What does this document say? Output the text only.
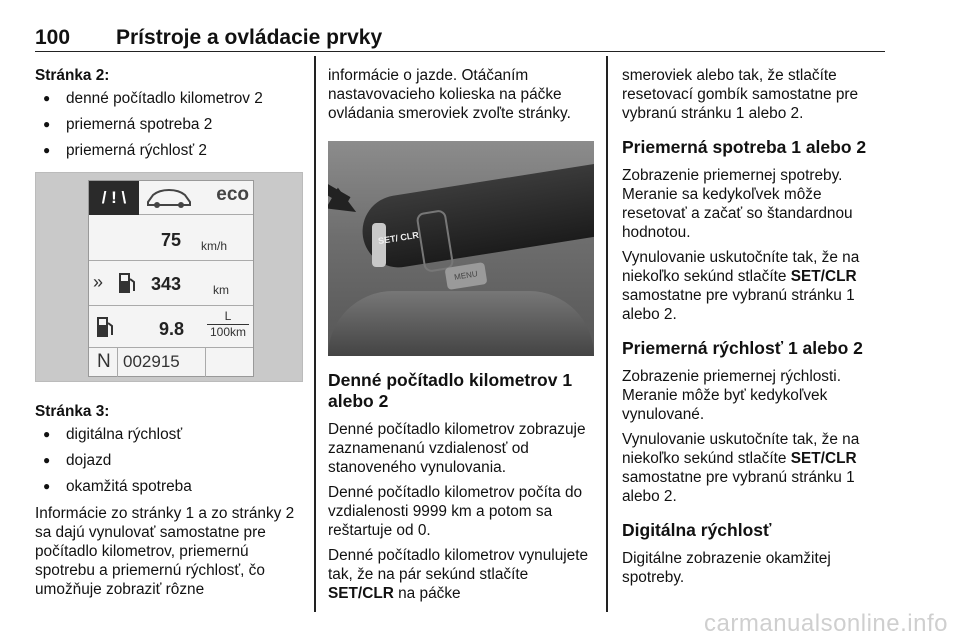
100 Prístroje a ovládacie prvky
Stránka 2:
● denné počítadlo kilometrov 2
● priemerná spotreba 2
● priemerná rýchlosť 2
/ ! \	eco
75 km/h
»	343	km
$9.8 \frac{L}{100km}$
N 002915
Stránka 3:
● digitálna rýchlosť
● dojazd
● okamžitá spotreba

Informácie zo stránky 1 a zo stránky 2 sa dajú vynulovať samostatne pre počítadlo kilometrov, priemernú spotrebu a priemernú rýchlosť, čo umožňuje zobraziť rôzne

informácie o jazde. Otáčaním nastavovacieho kolieska na páčke ovládania smeroviek zvoľte stránky.

SET/ CLR
MENU
Denné počítadlo kilometrov 1 alebo 2

Denné počítadlo kilometrov zobrazuje zaznamenanú vzdialenosť od stanoveného vynulovania.

Denné počítadlo kilometrov počíta do vzdialenosti 9999 km a potom sa reštartuje od 0.

Denné počítadlo kilometrov vynulujete tak, že na pár sekúnd stlačíte SET/CLR na páčke

smeroviek alebo tak, že stlačíte resetovací gombík samostatne pre vybranú stránku 1 alebo 2.

Priemerná spotreba 1 alebo 2

Zobrazenie priemernej spotreby. Meranie sa kedykoľvek môže resetovať a začať so štandardnou hodnotou.

Vynulovanie uskutočníte tak, že na niekoľko sekúnd stlačíte SET/CLR samostatne pre vybranú stránku 1 alebo 2.

Priemerná rýchlosť 1 alebo 2

Zobrazenie priemernej rýchlosti. Meranie môže byť kedykoľvek vynulované.

Vynulovanie uskutočníte tak, že na niekoľko sekúnd stlačíte SET/CLR samostatne pre vybranú stránku 1 alebo 2.

Digitálna rýchlosť

Digitálne zobrazenie okamžitej spotreby.

carmanualsonline.info
